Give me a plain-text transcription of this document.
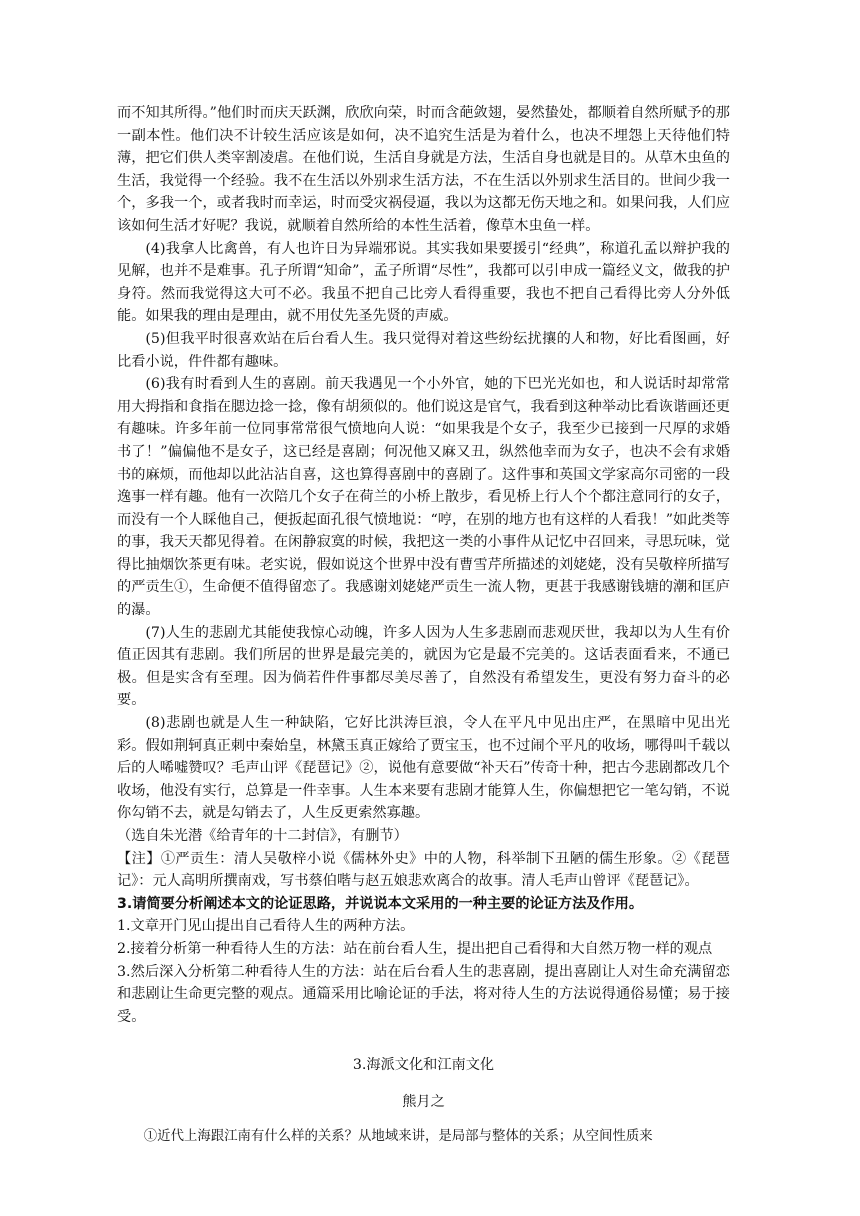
而不知其所得。”他们时而庆天跃渊，欣欣向荣，时而含葩敛翅，晏然蛰处，都顺着自然所赋予的那一副本性。他们决不计较生活应该是如何，决不追究生活是为着什么，也决不埋怨上天待他们特薄，把它们供人类宰割凌虐。在他们说，生活自身就是方法，生活自身也就是目的。从草木虫鱼的生活，我觉得一个经验。我不在生活以外别求生活方法，不在生活以外别求生活目的。世间少我一个，多我一个，或者我时而幸运，时而受灾祸侵逼，我以为这都无伤天地之和。如果问我，人们应该如何生活才好呢？我说，就顺着自然所给的本性生活着，像草木虫鱼一样。

(4)我拿人比禽兽，有人也许日为异端邪说。其实我如果要援引“经典”，称道孔孟以辩护我的见解，也并不是难事。孔子所谓“知命”，孟子所谓“尽性”，我都可以引申成一篇经义文，做我的护身符。然而我觉得这大可不必。我虽不把自己比旁人看得重要，我也不把自己看得比旁人分外低能。如果我的理由是理由，就不用仗先圣先贤的声威。

(5)但我平时很喜欢站在后台看人生。我只觉得对着这些纷纭扰攘的人和物，好比看图画，好比看小说，件件都有趣味。

(6)我有时看到人生的喜剧。前天我遇见一个小外官，她的下巴光光如也，和人说话时却常常用大拇指和食指在腮边捻一捻，像有胡须似的。他们说这是官气，我看到这种举动比看诙谐画还更有趣味。许多年前一位同事常常很气愤地向人说：“如果我是个女子，我至少已接到一尺厚的求婚书了！”偏偏他不是女子，这已经是喜剧；何况他又麻又丑，纵然他幸而为女子，也决不会有求婚书的麻烦，而他却以此沾沾自喜，这也算得喜剧中的喜剧了。这件事和英国文学家高尔司密的一段逸事一样有趣。他有一次陪几个女子在荷兰的小桥上散步，看见桥上行人个个都注意同行的女子，而没有一个人睬他自己，便扳起面孔很气愤地说：“哼，在别的地方也有这样的人看我！”如此类等的事，我天天都见得着。在闲静寂寞的时候，我把这一类的小事件从记忆中召回来，寻思玩味，觉得比抽烟饮茶更有味。老实说，假如说这个世界中没有曹雪芹所描述的刘姥姥，没有吴敬梓所描写的严贡生①，生命便不值得留恋了。我感谢刘姥姥严贡生一流人物，更甚于我感谢钱塘的潮和匡庐的瀑。

(7)人生的悲剧尤其能使我惊心动魄，许多人因为人生多悲剧而悲观厌世，我却以为人生有价值正因其有悲剧。我们所居的世界是最完美的，就因为它是最不完美的。这话表面看来，不通已极。但是实含有至理。因为倘若件件事都尽美尽善了，自然没有希望发生，更没有努力奋斗的必要。

(8)悲剧也就是人生一种缺陷，它好比洪涛巨浪，令人在平凡中见出庄严，在黑暗中见出光彩。假如荆轲真正刺中秦始皇，林黛玉真正嫁给了贾宝玉，也不过闹个平凡的收场，哪得叫千载以后的人唏嘘赞叹？毛声山评《琵琶记》②，说他有意要做“补天石”传奇十种，把古今悲剧都改几个收场，他没有实行，总算是一件幸事。人生本来要有悲剧才能算人生，你偏想把它一笔勾销，不说你勾销不去，就是勾销去了，人生反更索然寡趣。

（选自朱光潜《给青年的十二封信》，有删节）

【注】①严贡生：清人吴敬梓小说《儒林外史》中的人物，科举制下丑陋的儒生形象。②《琵琶记》：元人高明所撰南戏，写书蔡伯喈与赵五娘悲欢离合的故事。清人毛声山曾评《琵琶记》。

3.请简要分析阐述本文的论证思路，并说说本文采用的一种主要的论证方法及作用。

1.文章开门见山提出自己看待人生的两种方法。

2.接着分析第一种看待人生的方法：站在前台看人生，提出把自己看得和大自然万物一样的观点

3.然后深入分析第二种看待人生的方法：站在后台看人生的悲喜剧，提出喜剧让人对生命充满留恋和悲剧让生命更完整的观点。通篇采用比喻论证的手法，将对待人生的方法说得通俗易懂；易于接受。

3.海派文化和江南文化

熊月之

①近代上海跟江南有什么样的关系？从地域来讲，是局部与整体的关系；从空间性质来
